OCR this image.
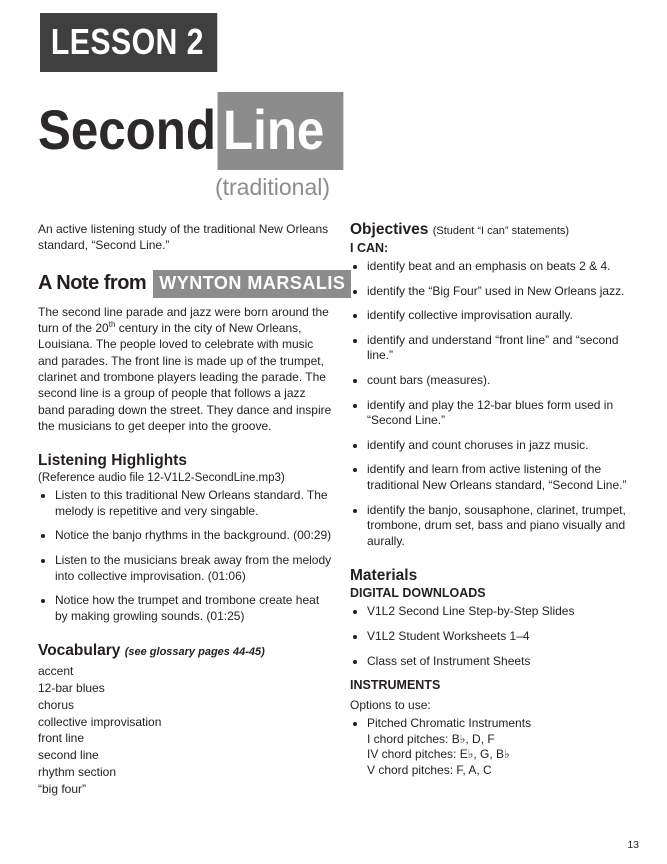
LESSON 2
Second Line
(traditional)

An active listening study of the traditional New Orleans standard, “Second Line.”

A Note from WYNTON MARSALIS

The second line parade and jazz were born around the turn of the 20th century in the city of New Orleans, Louisiana. The people loved to celebrate with music and parades. The front line is made up of the trumpet, clarinet and trombone players leading the parade. The second line is a group of people that follows a jazz band parading down the street. They dance and inspire the musicians to get deeper into the groove.

Listening Highlights

(Reference audio file 12-V1L2-SecondLine.mp3)

• Listen to this traditional New Orleans standard. The melody is repetitive and very singable.
• Notice the banjo rhythms in the background. (00:29)
• Listen to the musicians break away from the melody into collective improvisation. (01:06)
• Notice how the trumpet and trombone create heat by making growling sounds. (01:25)
Vocabulary (see glossary pages 44-45)
accent
12-bar blues
chorus
collective improvisation
front line
second line
rhythm section
“big four”
Objectives (Student “I can” statements)
I CAN:
• identify beat and an emphasis on beats 2 & 4.
• identify the “Big Four” used in New Orleans jazz.
• identify collective improvisation aurally.
• identify and understand “front line” and “second line.”
• count bars (measures).
• identify and play the 12-bar blues form used in “Second Line.”
• identify and count choruses in jazz music.
• identify and learn from active listening of the traditional New Orleans standard, “Second Line.”
• identify the banjo, sousaphone, clarinet, trumpet, trombone, drum set, bass and piano visually and aurally.
Materials
DIGITAL DOWNLOADS
• V1L2 Second Line Step-by-Step Slides
• V1L2 Student Worksheets 1–4
• Class set of Instrument Sheets
INSTRUMENTS
Options to use:
• Pitched Chromatic Instruments
I chord pitches: B♭, D, F
IV chord pitches: E♭, G, B♭
V chord pitches: F, A, C
13
